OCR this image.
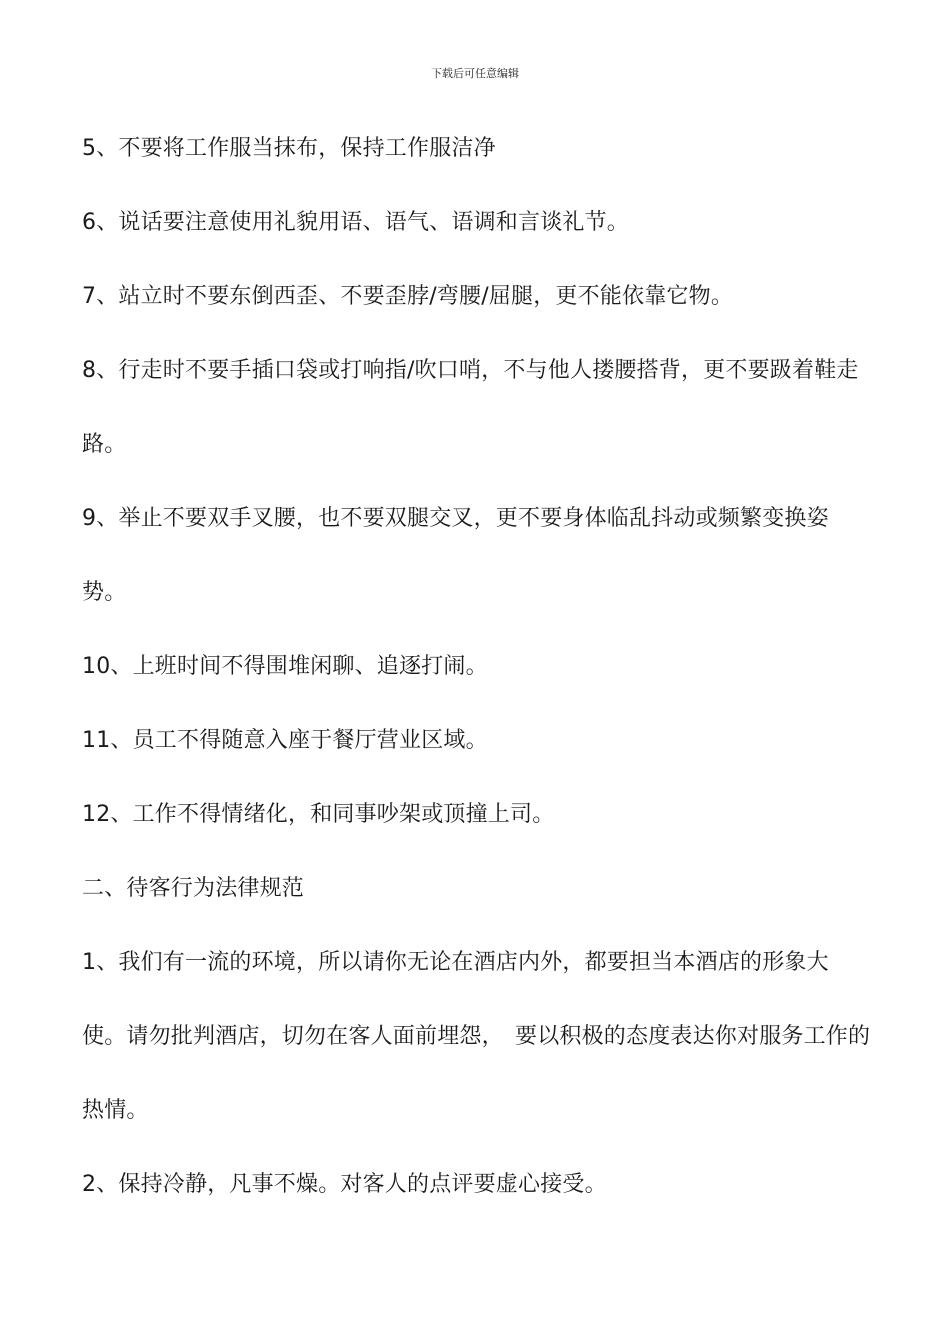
下载后可任意编辑

5、不要将工作服当抹布，保持工作服洁净

6、说话要注意使用礼貌用语、语气、语调和言谈礼节。

7、站立时不要东倒西歪、不要歪脖/弯腰/屈腿，更不能依靠它物。

8、行走时不要手插口袋或打响指/吹口哨，不与他人搂腰搭背，更不要趿着鞋走路。

9、举止不要双手叉腰，也不要双腿交叉，更不要身体临乱抖动或频繁变换姿势。

10、上班时间不得围堆闲聊、追逐打闹。

11、员工不得随意入座于餐厅营业区域。

12、工作不得情绪化，和同事吵架或顶撞上司。

二、待客行为法律规范

1、我们有一流的环境，所以请你无论在酒店内外，都要担当本酒店的形象大使。请勿批判酒店，切勿在客人面前埋怨，　要以积极的态度表达你对服务工作的热情。

2、保持冷静，凡事不燥。对客人的点评要虚心接受。
